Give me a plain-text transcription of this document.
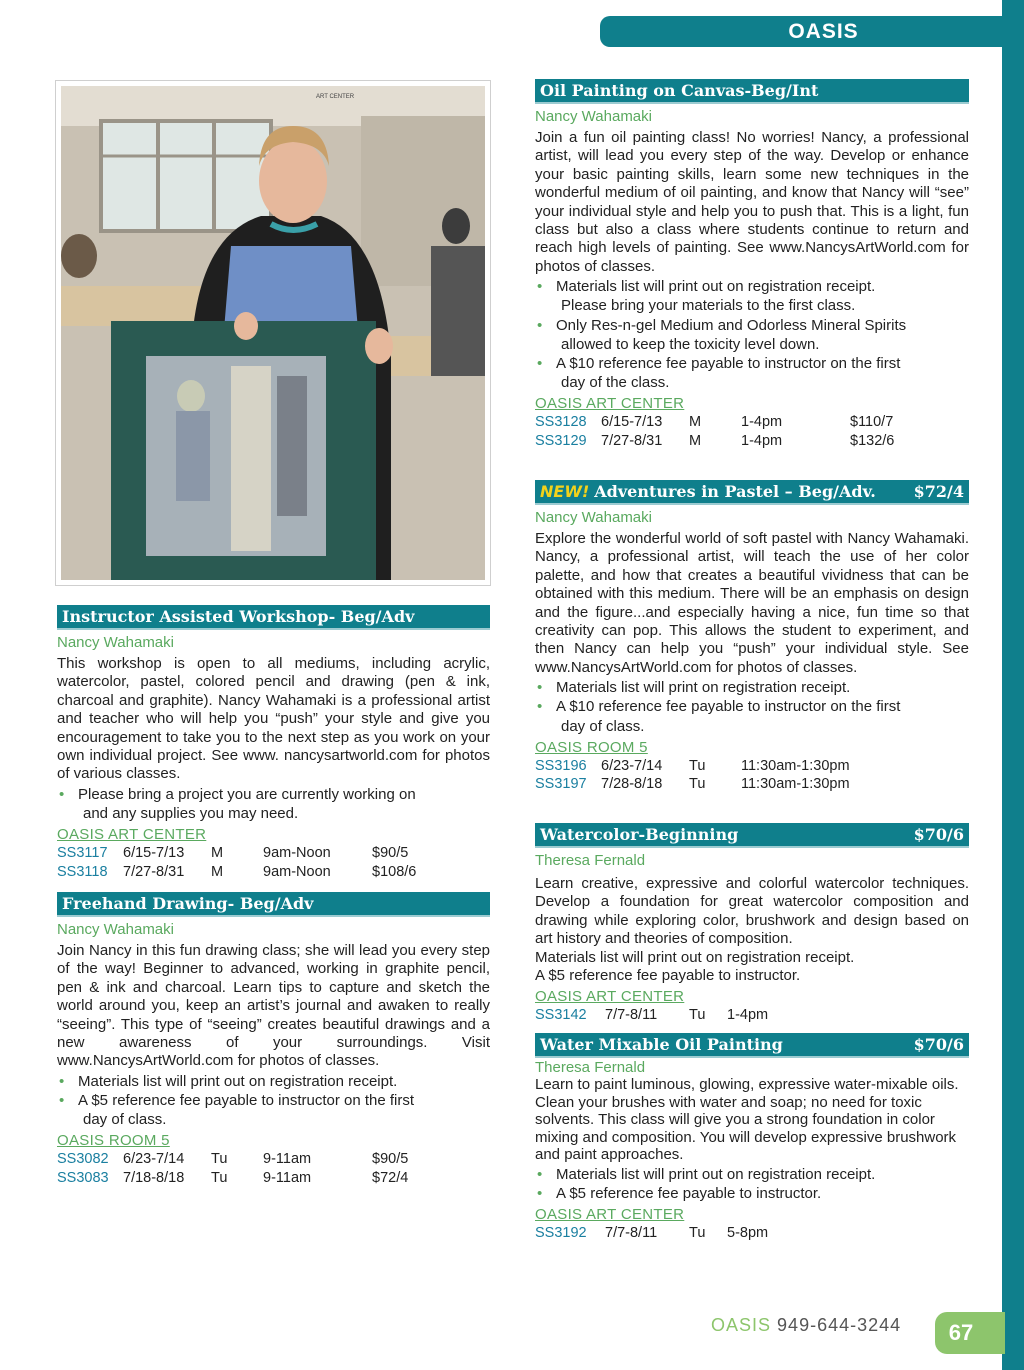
OASIS
ART CENTER
Instructor Assisted Workshop- Beg/Adv
Nancy Wahamaki
This workshop is open to all mediums, including acrylic, watercolor, pastel, colored pencil and drawing (pen & ink, charcoal and graphite). Nancy Wahamaki is a professional artist and teacher who will help you “push” your style and give you encouragement to take you to the next step as you work on your own individual project. See www. nancysartworld.com for photos of various classes.
• Please bring a project you are currently working on
and any supplies you may need.
OASIS ART CENTER
SS3117	6/15-7/13	M	9am-Noon	$90/5
SS3118	7/27-8/31	M	9am-Noon	$108/6
Freehand Drawing- Beg/Adv
Nancy Wahamaki
Join Nancy in this fun drawing class; she will lead you every step of the way! Beginner to advanced, working in graphite pencil, pen & ink and charcoal. Learn tips to capture and sketch the world around you, keep an artist’s journal and awaken to really “seeing”. This type of “seeing” creates beautiful drawings and a new awareness of your surroundings. Visit www.NancysArtWorld.com for photos of classes.
• Materials list will print out on registration receipt.
• A $5 reference fee payable to instructor on the first
day of class.
OASIS ROOM 5
SS3082 6/23-7/14	Tu	9-11am	$90/5
SS3083 7/18-8/18	Tu	9-11am	$72/4
Oil Painting on Canvas-Beg/Int
Nancy Wahamaki
Join a fun oil painting class! No worries! Nancy, a professional artist, will lead you every step of the way. Develop or enhance your basic painting skills, learn some new techniques in the wonderful medium of oil painting, and know that Nancy will “see” your individual style and help you to push that. This is a light, fun class but also a class where students continue to return and reach high levels of painting. See www.NancysArtWorld.com for photos of classes.
• Materials list will print out on registration receipt.
Please bring your materials to the first class.
• Only Res-n-gel Medium and Odorless Mineral Spirits
allowed to keep the toxicity level down.
• A $10 reference fee payable to instructor on the first
day of the class.
OASIS ART CENTER
SS3128 6/15-7/13	M	1-4pm	$110/7
SS3129 7/27-8/31	M	1-4pm	$132/6
NEW! Adventures in Pastel – Beg/Adv. $72/4
Nancy Wahamaki
Explore the wonderful world of soft pastel with Nancy Wahamaki. Nancy, a professional artist, will teach the use of her color palette, and how that creates a beautiful vividness that can be obtained with this medium. There will be an emphasis on design and the figure...and especially having a nice, fun time so that creativity can pop. This allows the student to experiment, and then Nancy can help you “push” your individual style. See www.NancysArtWorld.com for photos of classes.
• Materials list will print on registration receipt.
• A $10 reference fee payable to instructor on the first
day of class.
OASIS ROOM 5
SS3196 6/23-7/14	Tu	11:30am-1:30pm
SS3197 7/28-8/18	Tu	11:30am-1:30pm
Watercolor-Beginning	$70/6
Theresa Fernald
Learn creative, expressive and colorful watercolor techniques. Develop a foundation for great watercolor composition and drawing while exploring color, brushwork and design based on art history and theories of composition.
Materials list will print out on registration receipt.
A $5 reference fee payable to instructor.
OASIS ART CENTER
SS3142	7/7-8/11	Tu	1-4pm
Water Mixable Oil Painting	$70/6
Theresa Fernald
Learn to paint luminous, glowing, expressive water-mixable oils. Clean your brushes with water and soap; no need for toxic solvents. This class will give you a strong foundation in color mixing and composition. You will develop expressive brushwork and paint approaches.
• Materials list will print out on registration receipt.
• A $5 reference fee payable to instructor.
OASIS ART CENTER
SS3192	7/7-8/11	Tu	5-8pm
OASIS 949-644-3244 67
